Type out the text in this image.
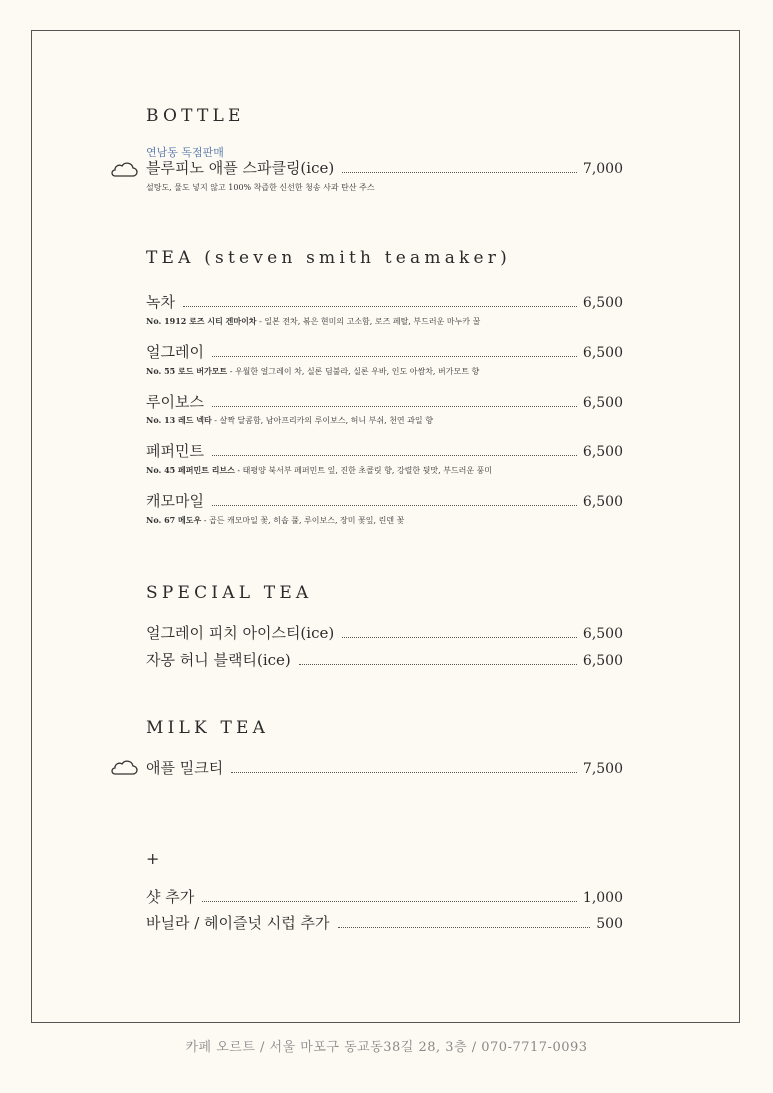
BOTTLE
연남동 독점판매
블루피노 애플 스파클링(ice)	7,000
설탕도, 물도 넣지 않고 100% 착즙한 신선한 청송 사과 탄산 주스
TEA (steven smith teamaker)
녹차	6,500
No. 1912 로즈 시티 겐마이차 - 일본 전차, 볶은 현미의 고소함, 로즈 페탈, 부드러운 마누카 꿀
얼그레이	6,500
No. 55 로드 버가모트 - 우월한 얼그레이 차, 실론 딤불라, 실론 우바, 인도 아쌈차, 버가모트 향
루이보스	6,500
No. 13 레드 넥타 - 살짝 달콤함, 남아프리카의 루이보스, 허니 부쉬, 천연 과일 향
페퍼민트	6,500
No. 45 페퍼민트 리브스 - 태평양 북서부 페퍼민트 잎, 진한 초콜릿 향, 강렬한 뒷맛, 부드러운 풍미
캐모마일	6,500
No. 67 메도우 - 곱든 캐모마일 꽃, 히솝 풀, 루이보스, 장미 꽃잎, 린덴 꽃
SPECIAL TEA
얼그레이 피치 아이스티(ice)	6,500
자몽 허니 블랙티(ice)	6,500
MILK TEA
애플 밀크티	7,500
+
샷 추가	1,000
바닐라 / 헤이즐넛 시럽 추가	500
카페 오르트 / 서울 마포구 동교동38길 28, 3층 / 070-7717-0093
